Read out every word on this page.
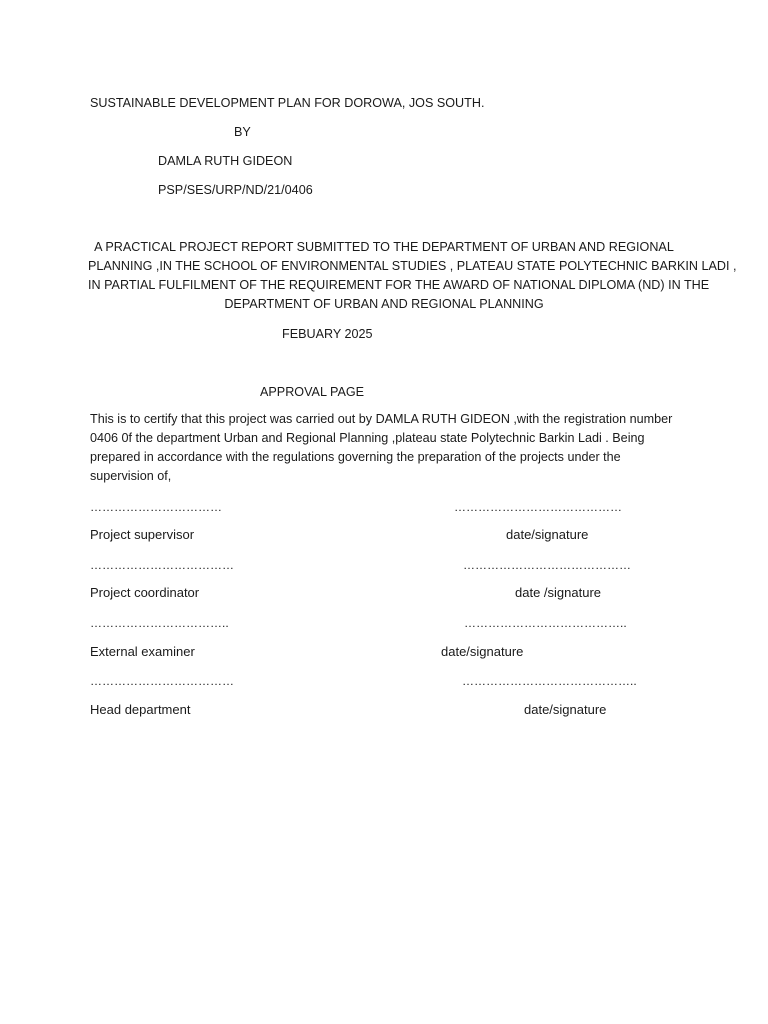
SUSTAINABLE DEVELOPMENT PLAN FOR DOROWA, JOS SOUTH.
BY
DAMLA RUTH GIDEON
PSP/SES/URP/ND/21/0406
A PRACTICAL PROJECT REPORT SUBMITTED TO THE DEPARTMENT OF URBAN AND REGIONAL
PLANNING ,IN THE SCHOOL OF ENVIRONMENTAL STUDIES , PLATEAU STATE POLYTECHNIC BARKIN LADI ,
IN PARTIAL FULFILMENT OF THE REQUIREMENT FOR THE AWARD OF NATIONAL DIPLOMA (ND) IN THE
DEPARTMENT OF URBAN AND REGIONAL PLANNING
FEBUARY 2025
APPROVAL PAGE
This is to certify that this project was carried out by DAMLA RUTH GIDEON ,with the registration number
0406 0f the department Urban and Regional Planning ,plateau state Polytechnic Barkin Ladi . Being
prepared in accordance with the regulations governing the preparation of the projects under the
supervision of,
……………………………	……………………………………
Project supervisor	date/signature
………………………………	……………………………………
Project coordinator	date /signature
……………………………..	…………………………………..
External examiner	date/signature
………………………………	……………………………………..
Head department	date/signature
